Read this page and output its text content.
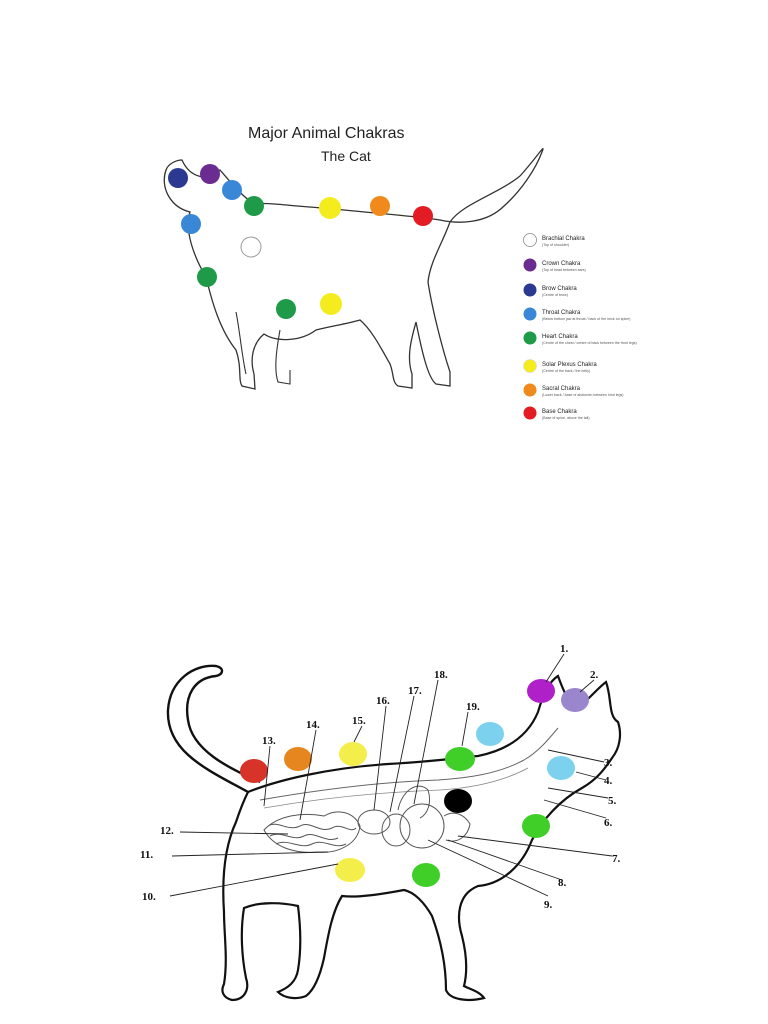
Major Animal Chakras
The Cat
Brachial Chakra
(Top of shoulder)
Crown Chakra
(Top of head between ears)
Brow Chakra
(Centre of brow)
Throat Chakra
(Below bottom jaw at throat / back of the neck on spine)
Heart Chakra
(Centre of the chest / centre of back between the front legs)
Solar Plexus Chakra
(Centre of the back / the belly)
Sacral Chakra
(Lower back / base of abdomen between hind legs)
Base Chakra
(Base of spine, above the tail)
1.
2.
3.
4.
5.
6.
7.
8.
9.
10.
11.
12.
13.
14.	15.
16.
17.
18.
19.
